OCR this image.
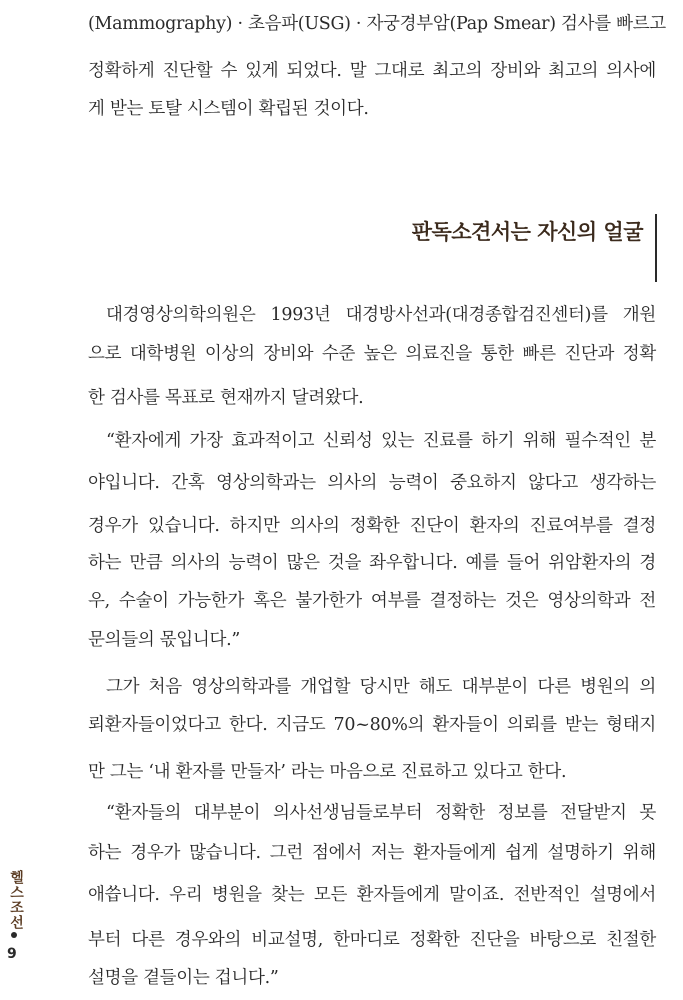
(Mammography) · 초음파(USG) · 자궁경부암(Pap Smear) 검사를 빠르고
정확하게 진단할 수 있게 되었다. 말 그대로 최고의 장비와 최고의 의사에
게 받는 토탈 시스템이 확립된 것이다.
판독소견서는 자신의 얼굴
대경영상의학의원은 1993년 대경방사선과(대경종합검진센터)를 개원
으로 대학병원 이상의 장비와 수준 높은 의료진을 통한 빠른 진단과 정확
한 검사를 목표로 현재까지 달려왔다.
“환자에게 가장 효과적이고 신뢰성 있는 진료를 하기 위해 필수적인 분
야입니다. 간혹 영상의학과는 의사의 능력이 중요하지 않다고 생각하는
경우가 있습니다. 하지만 의사의 정확한 진단이 환자의 진료여부를 결정
하는 만큼 의사의 능력이 많은 것을 좌우합니다. 예를 들어 위암환자의 경
우, 수술이 가능한가 혹은 불가한가 여부를 결정하는 것은 영상의학과 전
문의들의 몫입니다.”
그가 처음 영상의학과를 개업할 당시만 해도 대부분이 다른 병원의 의
뢰환자들이었다고 한다. 지금도 70~80%의 환자들이 의뢰를 받는 형태지
만 그는 ‘내 환자를 만들자’ 라는 마음으로 진료하고 있다고 한다.
“환자들의 대부분이 의사선생님들로부터 정확한 정보를 전달받지 못
하는 경우가 많습니다. 그런 점에서 저는 환자들에게 쉽게 설명하기 위해
애씁니다. 우리 병원을 찾는 모든 환자들에게 말이죠. 전반적인 설명에서
부터 다른 경우와의 비교설명, 한마디로 정확한 진단을 바탕으로 친절한
설명을 곁들이는 겁니다.”
헬스조선
9
